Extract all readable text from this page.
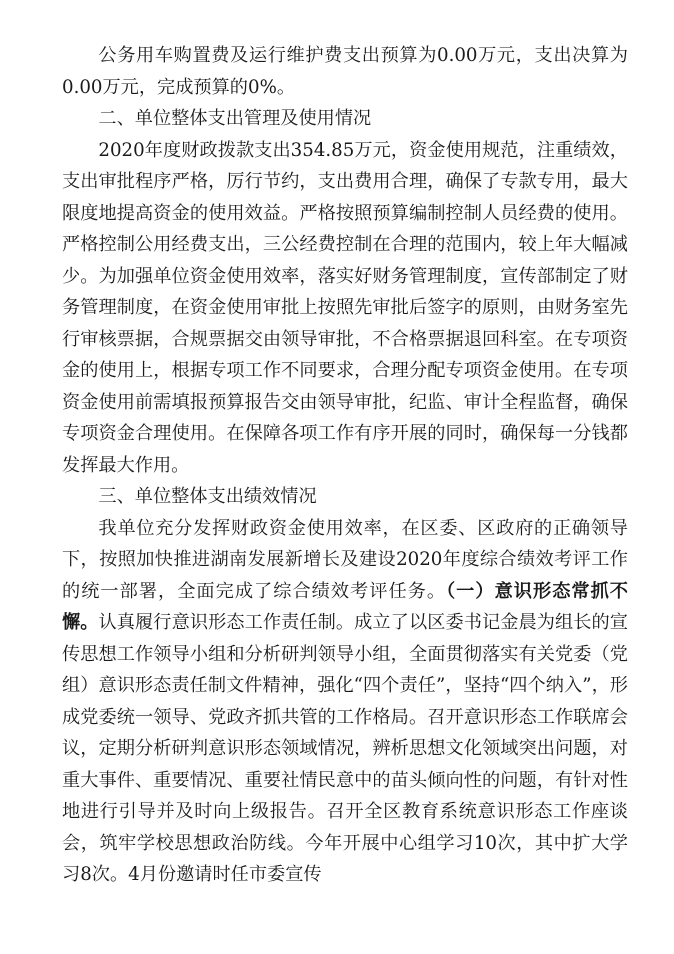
公务用车购置费及运行维护费支出预算为0.00万元，支出决算为0.00万元，完成预算的0%。

二、单位整体支出管理及使用情况

2020年度财政拨款支出354.85万元，资金使用规范，注重绩效，支出审批程序严格，厉行节约，支出费用合理，确保了专款专用，最大限度地提高资金的使用效益。严格按照预算编制控制人员经费的使用。严格控制公用经费支出，三公经费控制在合理的范围内，较上年大幅减少。为加强单位资金使用效率，落实好财务管理制度，宣传部制定了财务管理制度，在资金使用审批上按照先审批后签字的原则，由财务室先行审核票据，合规票据交由领导审批，不合格票据退回科室。在专项资金的使用上，根据专项工作不同要求，合理分配专项资金使用。在专项资金使用前需填报预算报告交由领导审批，纪监、审计全程监督，确保专项资金合理使用。在保障各项工作有序开展的同时，确保每一分钱都发挥最大作用。

三、单位整体支出绩效情况

我单位充分发挥财政资金使用效率，在区委、区政府的正确领导下，按照加快推进湖南发展新增长及建设2020年度综合绩效考评工作的统一部署，全面完成了综合绩效考评任务。（一）意识形态常抓不懈。认真履行意识形态工作责任制。成立了以区委书记金晨为组长的宣传思想工作领导小组和分析研判领导小组，全面贯彻落实有关党委（党组）意识形态责任制文件精神，强化“四个责任”，坚持“四个纳入”，形成党委统一领导、党政齐抓共管的工作格局。召开意识形态工作联席会议，定期分析研判意识形态领域情况，辨析思想文化领域突出问题，对重大事件、重要情况、重要社情民意中的苗头倾向性的问题，有针对性地进行引导并及时向上级报告。召开全区教育系统意识形态工作座谈会，筑牢学校思想政治防线。今年开展中心组学习10次，其中扩大学习8次。4月份邀请时任市委宣传
